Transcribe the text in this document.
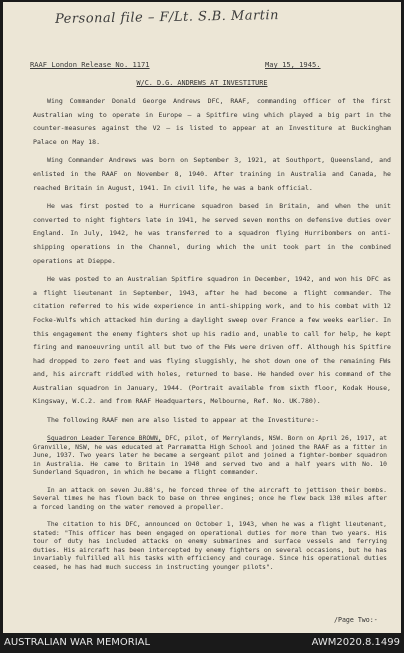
Personal file – F/Lt. S.B. Martin
RAAF London Release No. 1171	May 15, 1945.
W/C. D.G. ANDREWS AT INVESTITURE

Wing Commander Donald George Andrews DFC, RAAF, commanding officer of the first Australian wing to operate in Europe – a Spitfire wing which played a big part in the counter-measures against the V2 – is listed to appear at an Investiture at Buckingham Palace on May 18.

Wing Commander Andrews was born on September 3, 1921, at Southport, Queensland, and enlisted in the RAAF on November 8, 1940. After training in Australia and Canada, he reached Britain in August, 1941. In civil life, he was a bank official.

He was first posted to a Hurricane squadron based in Britain, and when the unit converted to night fighters late in 1941, he served seven months on defensive duties over England. In July, 1942, he was transferred to a squadron flying Hurribombers on anti-shipping operations in the Channel, during which the unit took part in the combined operations at Dieppe.

He was posted to an Australian Spitfire squadron in December, 1942, and won his DFC as a flight lieutenant in September, 1943, after he had become a flight commander. The citation referred to his wide experience in anti-shipping work, and to his combat with 12 Focke-Wulfs which attacked him during a daylight sweep over France a few weeks earlier. In this engagement the enemy fighters shot up his radio and, unable to call for help, he kept firing and manoeuvring until all but two of the FWs were driven off. Although his Spitfire had dropped to zero feet and was flying sluggishly, he shot down one of the remaining FWs and, his aircraft riddled with holes, returned to base. He handed over his command of the Australian squadron in January, 1944. (Portrait available from sixth floor, Kodak House, Kingsway, W.C.2. and from RAAF Headquarters, Melbourne, Ref. No. UK.780).

The following RAAF men are also listed to appear at the Investiture:-

Squadron Leader Terence BROWN, DFC, pilot, of Merrylands, NSW. Born on April 26, 1917, at Granville, NSW, he was educated at Parramatta High School and joined the RAAF as a fitter in June, 1937. Two years later he became a sergeant pilot and joined a fighter-bomber squadron in Australia. He came to Britain in 1940 and served two and a half years with No. 10 Sunderland Squadron, in which he became a flight commander.

In an attack on seven Ju.88's, he forced three of the aircraft to jettison their bombs. Several times he has flown back to base on three engines; once he flew back 130 miles after a forced landing on the water removed a propeller.

The citation to his DFC, announced on October 1, 1943, when he was a flight lieutenant, stated: "This officer has been engaged on operational duties for more than two years. His tour of duty has included attacks on enemy submarines and surface vessels and ferrying duties. His aircraft has been intercepted by enemy fighters on several occasions, but he has invariably fulfilled all his tasks with efficiency and courage. Since his operational duties ceased, he has had much success in instructing younger pilots".

/Page Two:-
AUSTRALIAN WAR MEMORIAL	AWM2020.8.1499
